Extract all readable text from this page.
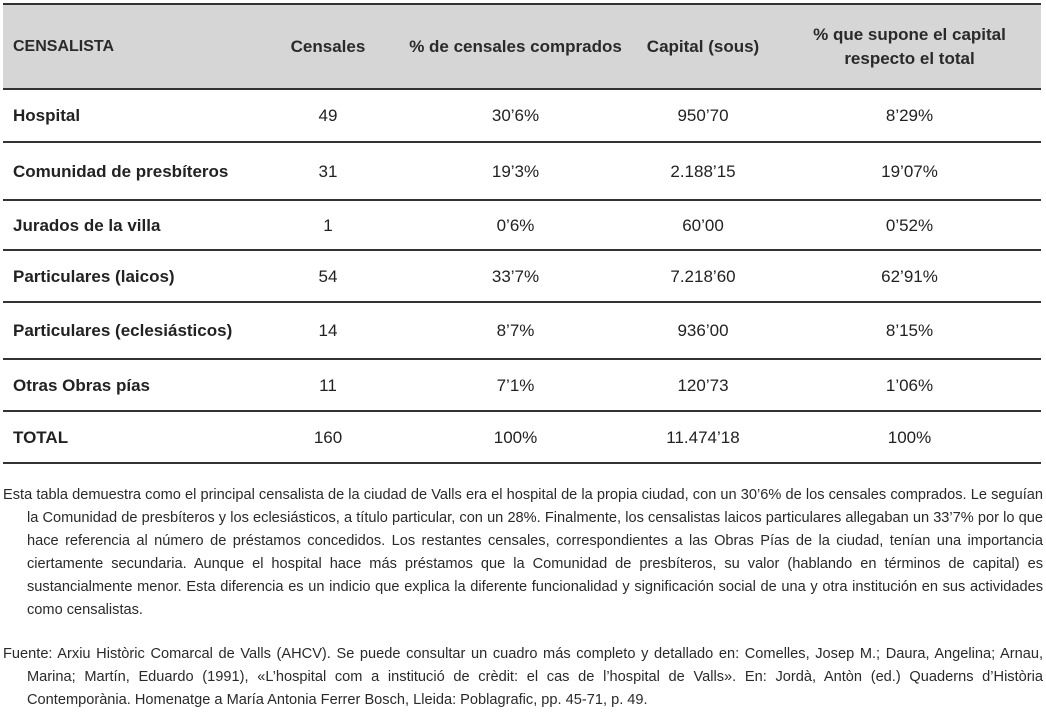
CENSALISTA	Censales	% de censales comprados	Capital (sous)	% que supone el capital respecto el total
Hospital	49	30’6%	950’70	8’29%
Comunidad de presbíteros	31	19’3%	2.188’15	19’07%
Jurados de la villa	1	0’6%	60’00	0’52%
Particulares (laicos)	54	33’7%	7.218’60	62’91%
Particulares (eclesiásticos)	14	8’7%	936’00	8’15%
Otras Obras pías	11	7’1%	120’73	1’06%
TOTAL	160	100%	11.474’18	100%

Esta tabla demuestra como el principal censalista de la ciudad de Valls era el hospital de la propia ciudad, con un 30’6% de los censales comprados. Le seguían la Comunidad de presbíteros y los eclesiásticos, a título particular, con un 28%. Finalmente, los censalistas laicos particulares allegaban un 33’7% por lo que hace referencia al número de préstamos concedidos. Los restantes censales, correspondientes a las Obras Pías de la ciudad, tenían una importancia ciertamente secundaria. Aunque el hospital hace más préstamos que la Comunidad de presbíteros, su valor (hablando en términos de capital) es sustancialmente menor. Esta diferencia es un indicio que explica la diferente funcionalidad y significación social de una y otra institución en sus actividades como censalistas.

Fuente: Arxiu Històric Comarcal de Valls (AHCV). Se puede consultar un cuadro más completo y detallado en: Comelles, Josep M.; Daura, Angelina; Arnau, Marina; Martín, Eduardo (1991), «L’hospital com a institució de crèdit: el cas de l’hospital de Valls». En: Jordà, Antòn (ed.) Quaderns d’Història Contemporània. Homenatge a María Antonia Ferrer Bosch, Lleida: Poblagrafic, pp. 45-71, p. 49.
